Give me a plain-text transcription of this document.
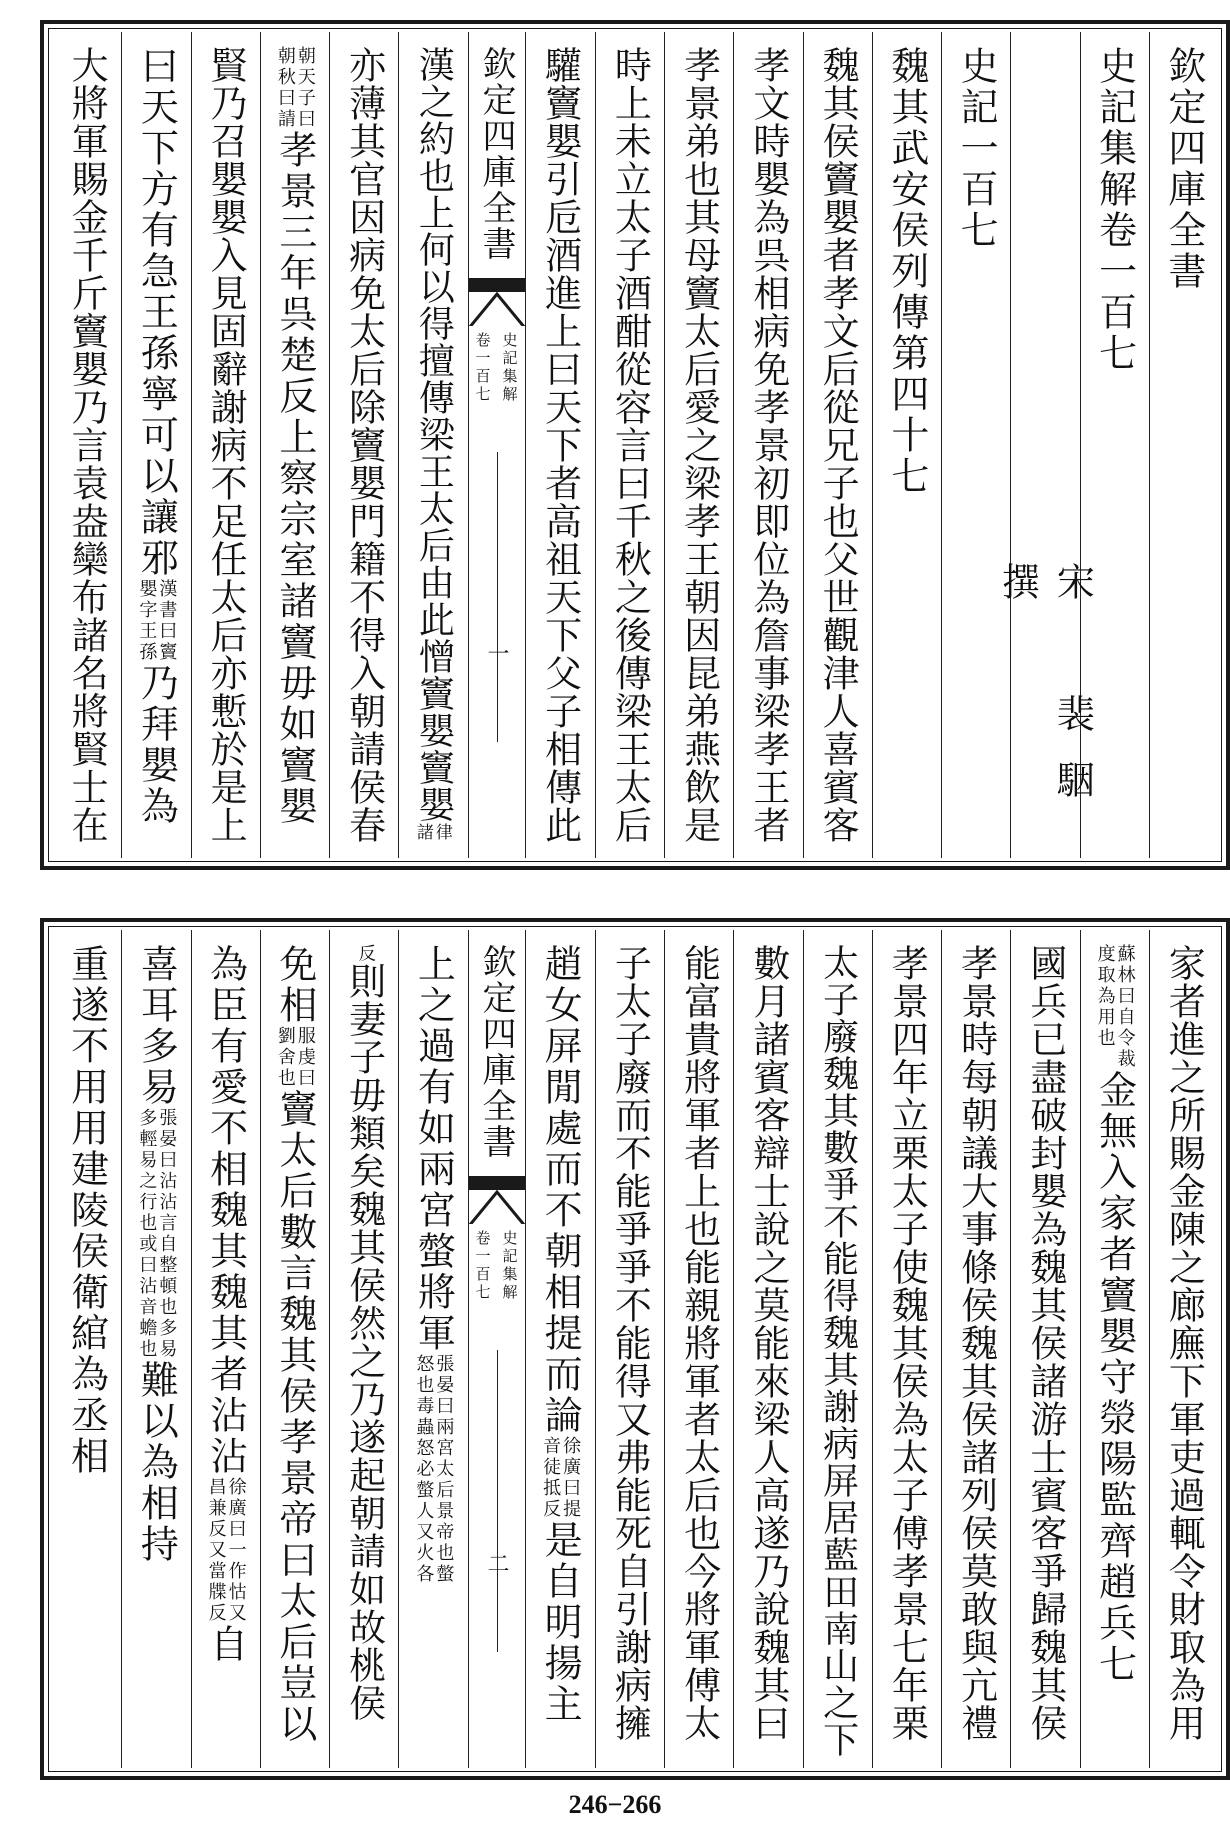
欽定四庫全書
史記集解卷一百七
宋　裴駰　撰
史記一百七
魏其武安侯列傳第四十七
魏其侯竇嬰者孝文后從兄子也父世觀津人喜賓客
孝文時嬰為呉相病免孝景初即位為詹事梁孝王者
孝景弟也其母竇太后愛之梁孝王朝因昆弟燕飲是
時上未立太子酒酣從容言曰千秋之後傳梁王太后
驩竇嬰引卮酒進上曰天下者高祖天下父子相傳此
欽定四庫全書
史記集解
卷一百七
一
漢之約也上何以得擅傳梁王太后由此憎竇嬰竇嬰
律
諸
亦薄其官因病免太后除竇嬰門籍不得入朝請侯春
朝天子曰
朝秋曰請
孝景三年呉楚反上察宗室諸竇毋如竇嬰
賢乃召嬰嬰入見固辭謝病不足任太后亦慙於是上
曰天下方有急王孫寧可以讓邪
漢書曰竇
嬰字王孫
乃拜嬰為
大將軍賜金千斤竇嬰乃言袁盎欒布諸名將賢士在
家者進之所賜金陳之廊廡下軍吏過輒令財取為用
蘇林曰自令裁
度取為用也
金無入家者竇嬰守滎陽監齊趙兵七
國兵已盡破封嬰為魏其侯諸游士賓客爭歸魏其侯
孝景時每朝議大事條侯魏其侯諸列侯莫敢與亢禮
孝景四年立栗太子使魏其侯為太子傅孝景七年栗
太子廢魏其數爭不能得魏其謝病屏居藍田南山之下
數月諸賓客辯士說之莫能來梁人高遂乃說魏其曰
能富貴將軍者上也能親將軍者太后也今將軍傅太
子太子廢而不能爭爭不能得又弗能死自引謝病擁
趙女屏閒處而不朝相提而論
徐廣曰提
音徒抵反
是自明揚主
欽定四庫全書
史記集解
卷一百七
二
上之過有如兩宮螫將軍
張晏曰兩宮太后景帝也螫
怒也毒蟲怒必螫人又火各
反
則妻子毋類矣魏其侯然之乃遂起朝請如故桃侯
免相
服虔曰
劉舍也
竇太后數言魏其侯孝景帝曰太后豈以
為臣有愛不相魏其魏其者沾沾
徐廣曰一作怙又
昌兼反又當牒反
自
喜耳多易
張晏曰沾沾言自整頓也多易
多輕易之行也或曰沾音蟾也
難以為相持
重遂不用用建陵侯衛綰為丞相
246−266
